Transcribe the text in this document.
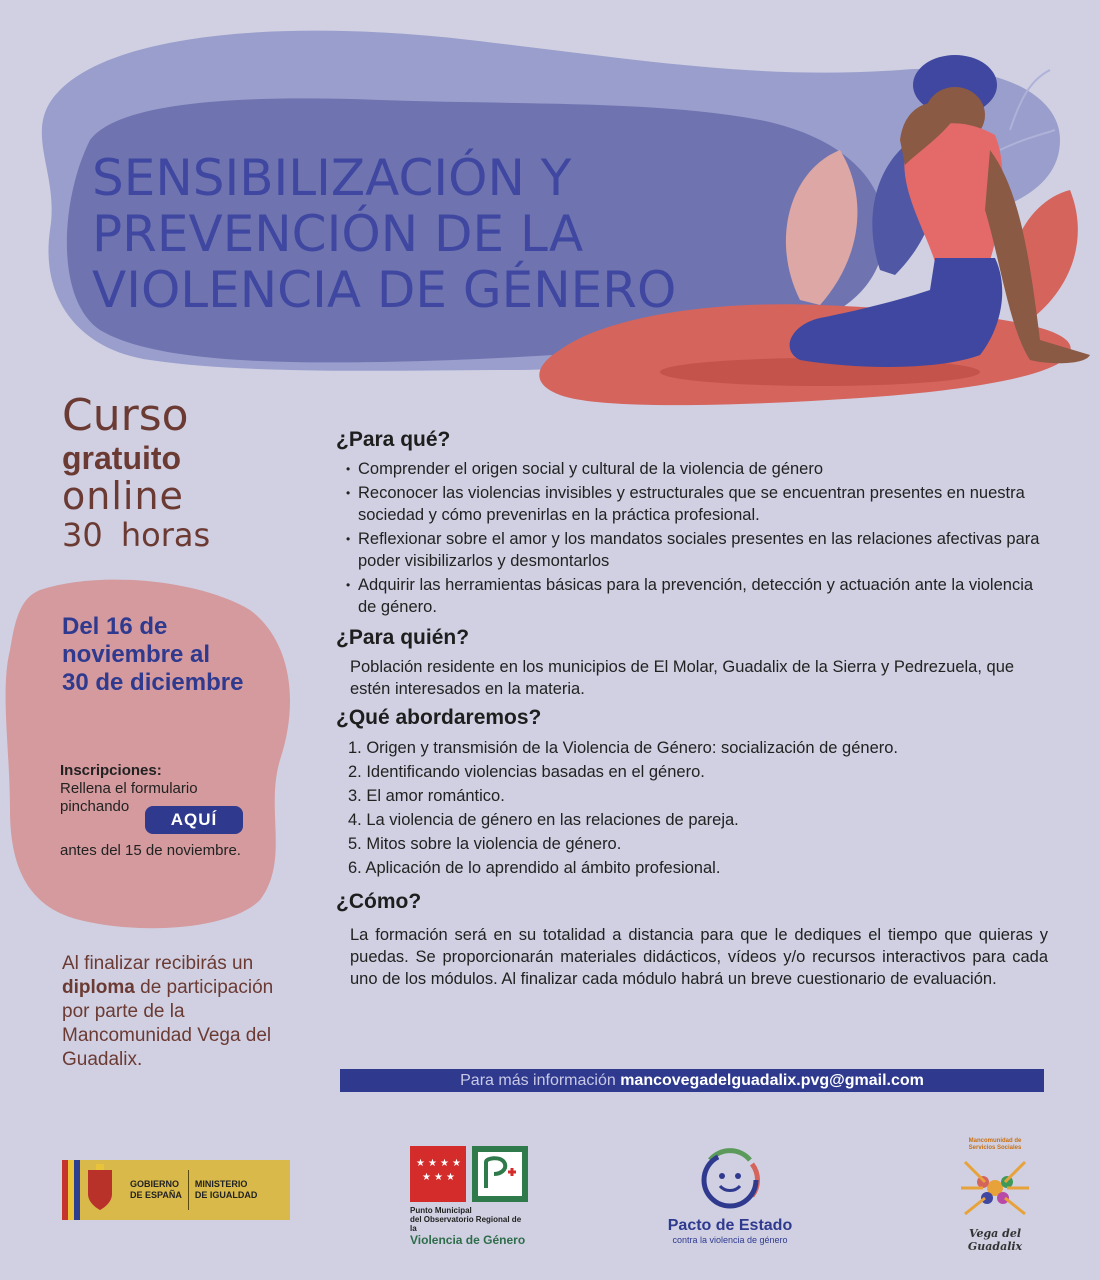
SENSIBILIZACIÓN Y
PREVENCIÓN DE LA
VIOLENCIA DE GÉNERO
Curso
gratuito
online
30 horas
Del 16 de
noviembre al
30 de diciembre
Inscripciones:
Rellena el formulario
pinchando
AQUÍ
antes del 15 de noviembre.
Al finalizar recibirás un diploma de participación por parte de la Mancomunidad Vega del Guadalix.
¿Para qué?
• Comprender el origen social y cultural de la violencia de género
• Reconocer las violencias invisibles y estructurales que se encuentran presentes en nuestra sociedad y cómo prevenirlas en la práctica profesional.
• Reflexionar sobre el amor y los mandatos sociales presentes en las relaciones afectivas para poder visibilizarlos y desmontarlos
• Adquirir las herramientas básicas para la prevención, detección y actuación ante la violencia de género.
¿Para quién?
Población residente en los municipios de El Molar, Guadalix de la Sierra y Pedrezuela, que estén interesados en la materia.
¿Qué abordaremos?
1. Origen y transmisión de la Violencia de Género: socialización de género.
2. Identificando violencias basadas en el género.
3. El amor romántico.
4. La violencia de género en las relaciones de pareja.
5. Mitos sobre la violencia de género.
6. Aplicación de lo aprendido al ámbito profesional.
¿Cómo?
La formación será en su totalidad a distancia para que le dediques el tiempo que quieras y puedas. Se proporcionarán materiales didácticos, vídeos y/o recursos interactivos para cada uno de los módulos. Al finalizar cada módulo habrá un breve cuestionario de evaluación.
Para más información mancovegadelguadalix.pvg@gmail.com
GOBIERNO
DE ESPAÑA
MINISTERIO
DE IGUALDAD
★ ★ ★ ★
★ ★ ★
Punto Municipal
del Observatorio Regional de la
Violencia de Género
Pacto de Estado
contra la violencia de género
Mancomunidad de
Servicios Sociales
Vega del Guadalix
